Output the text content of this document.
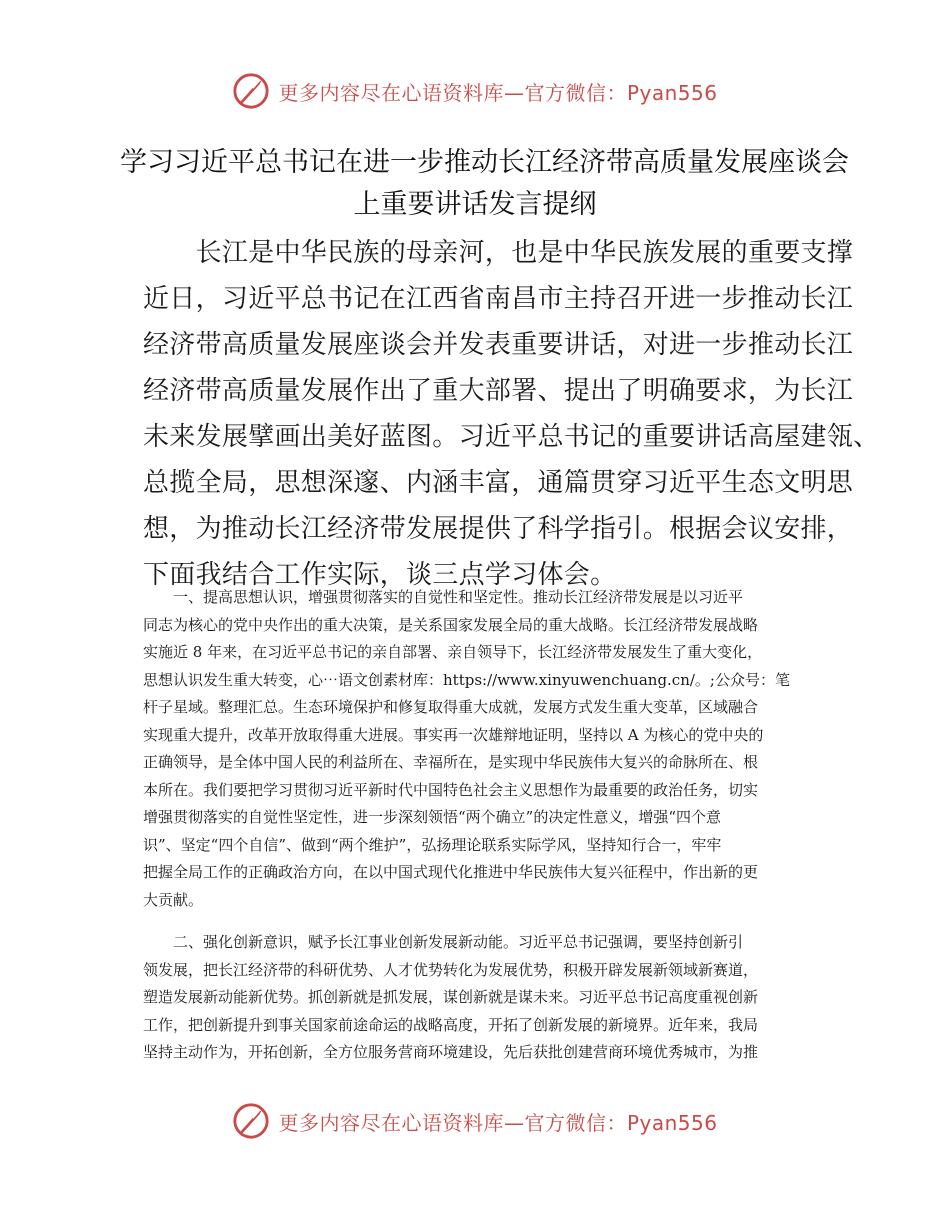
更多内容尽在心语资料库—官方微信：Pyan556
学习习近平总书记在进一步推动长江经济带高质量发展座谈会
上重要讲话发言提纲
　　长江是中华民族的母亲河，也是中华民族发展的重要支撑
近日，习近平总书记在江西省南昌市主持召开进一步推动长江
经济带高质量发展座谈会并发表重要讲话，对进一步推动长江
经济带高质量发展作出了重大部署、提出了明确要求，为长江
未来发展擘画出美好蓝图。习近平总书记的重要讲话高屋建瓴、
总揽全局，思想深邃、内涵丰富，通篇贯穿习近平生态文明思
想，为推动长江经济带发展提供了科学指引。根据会议安排，
下面我结合工作实际，谈三点学习体会。
　　一、提高思想认识，增强贯彻落实的自觉性和坚定性。推动长江经济带发展是以习近平
同志为核心的党中央作出的重大决策，是关系国家发展全局的重大战略。长江经济带发展战略
实施近 8 年来，在习近平总书记的亲自部署、亲自领导下，长江经济带发展发生了重大变化，
思想认识发生重大转变，心⋯语文创素材库：https://www.xinyuwenchuang.cn/。;公众号：笔
杆子星域。整理汇总。生态环境保护和修复取得重大成就，发展方式发生重大变革，区域融合
实现重大提升，改革开放取得重大进展。事实再一次雄辩地证明，坚持以 A 为核心的党中央的
正确领导，是全体中国人民的利益所在、幸福所在，是实现中华民族伟大复兴的命脉所在、根
本所在。我们要把学习贯彻习近平新时代中国特色社会主义思想作为最重要的政治任务，切实
增强贯彻落实的自觉性坚定性，进一步深刻领悟“两个确立”的决定性意义，增强“四个意
识”、坚定“四个自信”、做到“两个维护”，弘扬理论联系实际学风，坚持知行合一，牢牢
把握全局工作的正确政治方向，在以中国式现代化推进中华民族伟大复兴征程中，作出新的更
大贡献。
　　二、强化创新意识，赋予长江事业创新发展新动能。习近平总书记强调，要坚持创新引
领发展，把长江经济带的科研优势、人才优势转化为发展优势，积极开辟发展新领域新赛道，
塑造发展新动能新优势。抓创新就是抓发展，谋创新就是谋未来。习近平总书记高度重视创新
工作，把创新提升到事关国家前途命运的战略高度，开拓了创新发展的新境界。近年来，我局
坚持主动作为，开拓创新，全方位服务营商环境建设，先后获批创建营商环境优秀城市，为推
更多内容尽在心语资料库—官方微信：Pyan556
